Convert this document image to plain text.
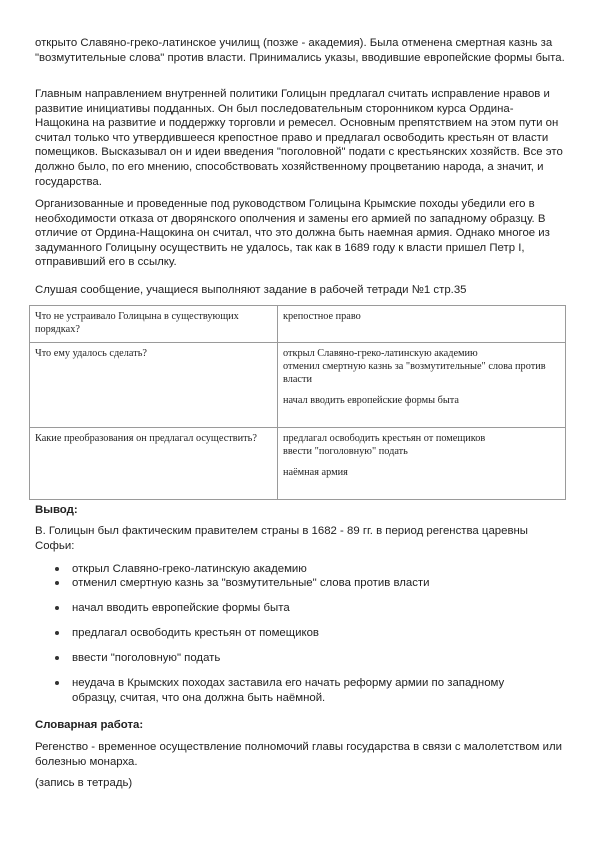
открыто Славяно-греко-латинское училищ (позже - академия). Была отменена смертная казнь за "возмутительные слова" против власти. Принимались указы, вводившие европейские формы быта.

Главным направлением внутренней политики Голицын предлагал считать исправление нравов и развитие инициативы подданных. Он был последовательным сторонником курса Ордина-Нащокина на развитие и поддержку торговли и ремесел. Основным препятствием на этом пути он считал только что утвердившееся крепостное право и предлагал освободить крестьян от власти помещиков. Высказывал он и идеи введения "поголовной" подати с крестьянских хозяйств. Все это должно было, по его мнению, способствовать хозяйственному процветанию народа, а значит, и государства.

Организованные и проведенные под руководством Голицына Крымские походы убедили его в необходимости отказа от дворянского ополчения и замены его армией по западному образцу. В отличие от Ордина-Нащокина он считал, что это должна быть наемная армия. Однако многое из задуманного Голицыну осуществить не удалось, так как в 1689 году к власти пришел Петр I, отправивший его в ссылку.

Слушая сообщение, учащиеся выполняют задание в рабочей тетради №1 стр.35

Что не устраивало Голицына в существующих порядках?	крепостное право

Что ему удалось сделать?	открыл Славяно-греко-латинскую академию
отменил смертную казнь за "возмутительные" слова против власти
начал вводить европейские формы быта

Какие преобразования он предлагал осуществить?	предлагал освободить крестьян от помещиков
ввести "поголовную" подать
наёмная армия

Вывод:

В. Голицын был фактическим правителем страны в 1682 - 89 гг. в период регенства царевны Софьи:

открыл Славяно-греко-латинскую академию
отменил смертную казнь за "возмутительные" слова против власти
начал вводить европейские формы быта
предлагал освободить крестьян от помещиков
ввести "поголовную" подать
неудача в Крымских походах заставила его начать реформу армии по западному образцу, считая, что она должна быть наёмной.

Словарная работа:

Регенство - временное осуществление полномочий главы государства в связи с малолетством или болезнью монарха.

(запись в тетрадь)
